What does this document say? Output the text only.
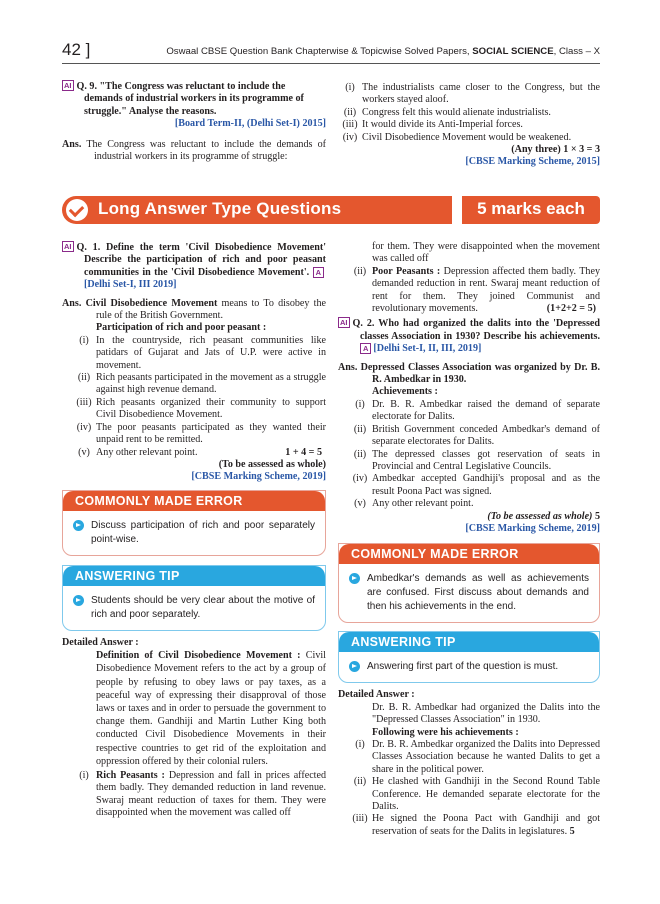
42 ]	Oswaal CBSE Question Bank Chapterwise & Topicwise Solved Papers, SOCIAL SCIENCE, Class – X

AI Q. 9. "The Congress was reluctant to include the demands of industrial workers in its programme of struggle." Analyse the reasons.

[Board Term-II, (Delhi Set-I) 2015]

Ans. The Congress was reluctant to include the demands of industrial workers in its programme of struggle:

(i) The industrialists came closer to the Congress, but the workers stayed aloof.
(ii) Congress felt this would alienate industrialists.
(iii) It would divide its Anti-Imperial forces.
(iv) Civil Disobedience Movement would be weakened.

(Any three) 1 × 3 = 3

[CBSE Marking Scheme, 2015]

Long Answer Type Questions	5 marks each

AI Q. 1. Define the term 'Civil Disobedience Movement' Describe the participation of rich and poor peasant communities in the 'Civil Disobedience Movement'. A[Delhi Set-I, III 2019]

Ans. Civil Disobedience Movement means to To disobey the rule of the British Government.

Participation of rich and poor peasant :

(i) In the countryside, rich peasant communities like patidars of Gujarat and Jats of U.P. were active in movement.
(ii) Rich peasants participated in the movement as a struggle against high revenue demand.
(iii) Rich peasants organized their community to support Civil Disobedience Movement.
(iv) The poor peasants participated as they wanted their unpaid rent to be remitted.
(v) Any other relevant point.	1 + 4 = 5

(To be assessed as whole)

[CBSE Marking Scheme, 2019]

COMMONLY MADE ERROR
Discuss participation of rich and poor separately point-wise.
ANSWERING TIP
Students should be very clear about the motive of rich and poor separately.

Detailed Answer :

Definition of Civil Disobedience Movement : Civil Disobedience Movement refers to the act by a group of people by refusing to obey laws or pay taxes, as a peaceful way of expressing their disapproval of those laws or taxes and in order to persuade the government to change them. Gandhiji and Martin Luther King both conducted Civil Disobedience Movements in their respective countries to get rid of the exploitation and oppression offered by their colonial rulers.

(i) Rich Peasants : Depression and fall in prices affected them badly. They demanded reduction in land revenue. Swaraj meant reduction of taxes for them. They were disappointed when the movement was called off

for them. They were disappointed when the movement was called off

(ii) Poor Peasants : Depression affected them badly. They demanded reduction in rent. Swaraj meant reduction of rent for them. They joined Communist and revolutionary movements.	(1+2+2 = 5)

AI Q. 2. Who had organized the dalits into the 'Depressed classes Association in 1930? Describe his achievements. A [Delhi Set-I, II, III, 2019]

Ans. Depressed Classes Association was organized by Dr. B. R. Ambedkar in 1930.

Achievements :

(i) Dr. B. R. Ambedkar raised the demand of separate electorate for Dalits.
(ii) British Government conceded Ambedkar's demand of separate electorates for Dalits.
(ii) The depressed classes got reservation of seats in Provincial and Central Legislative Councils.
(iv) Ambedkar accepted Gandhiji's proposal and as the result Poona Pact was signed.
(v) Any other relevant point.

(To be assessed as whole) 5

[CBSE Marking Scheme, 2019]

COMMONLY MADE ERROR
Ambedkar's demands as well as achievements are confused. First discuss about demands and then his achievements in the end.
ANSWERING TIP
Answering first part of the question is must.

Detailed Answer :

Dr. B. R. Ambedkar had organized the Dalits into the "Depressed Classes Association" in 1930.

Following were his achievements :

(i) Dr. B. R. Ambedkar organized the Dalits into Depressed Classes Association because he wanted Dalits to get a share in the political power.
(ii) He clashed with Gandhiji in the Second Round Table Conference. He demanded separate electorate for the Dalits.
(iii) He signed the Poona Pact with Gandhiji and got reservation of seats for the Dalits in legislatures. 5
